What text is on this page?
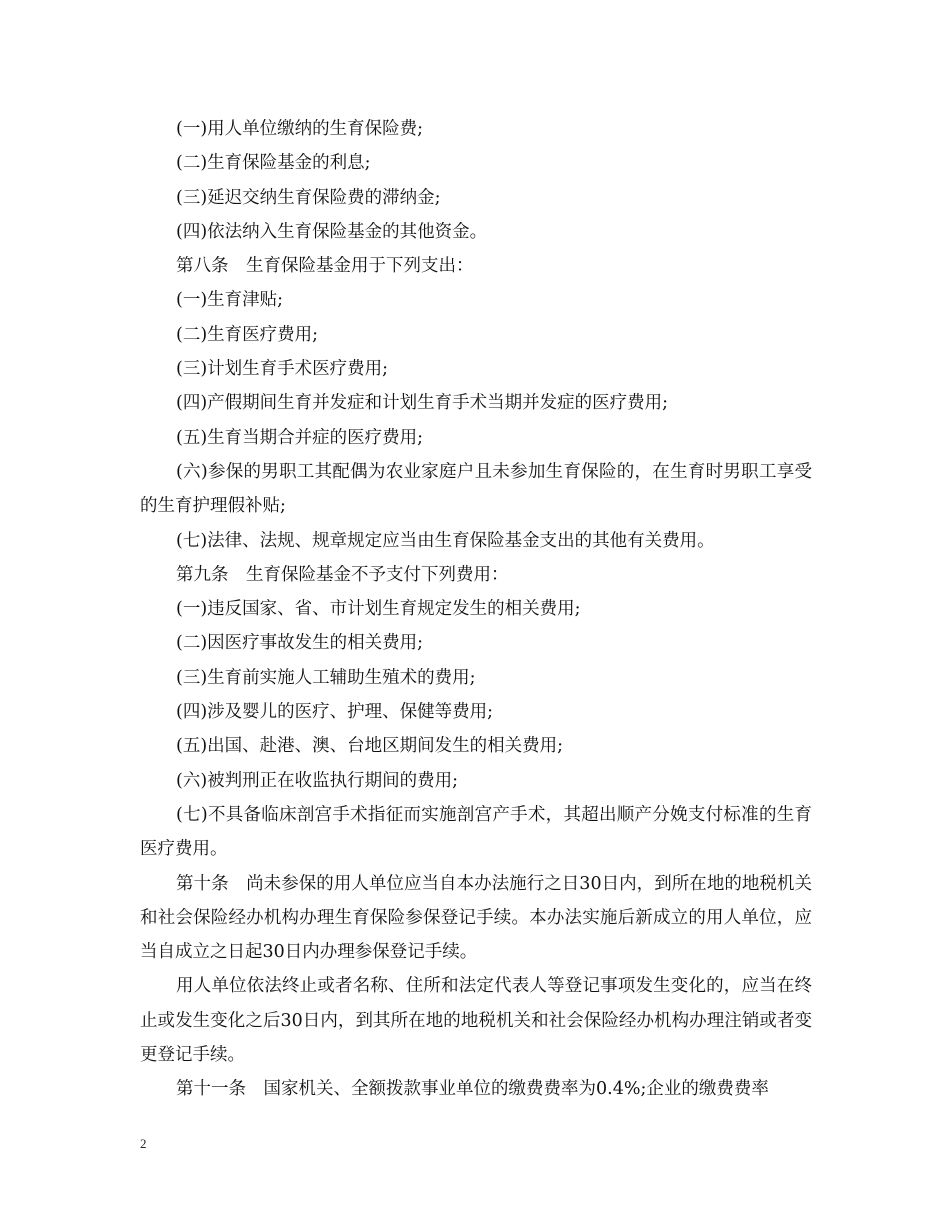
(一)用人单位缴纳的生育保险费;

(二)生育保险基金的利息;

(三)延迟交纳生育保险费的滞纳金;

(四)依法纳入生育保险基金的其他资金。

第八条　生育保险基金用于下列支出：

(一)生育津贴;

(二)生育医疗费用;

(三)计划生育手术医疗费用;

(四)产假期间生育并发症和计划生育手术当期并发症的医疗费用;

(五)生育当期合并症的医疗费用;

(六)参保的男职工其配偶为农业家庭户且未参加生育保险的，在生育时男职工享受的生育护理假补贴;

(七)法律、法规、规章规定应当由生育保险基金支出的其他有关费用。

第九条　生育保险基金不予支付下列费用：

(一)违反国家、省、市计划生育规定发生的相关费用;

(二)因医疗事故发生的相关费用;

(三)生育前实施人工辅助生殖术的费用;

(四)涉及婴儿的医疗、护理、保健等费用;

(五)出国、赴港、澳、台地区期间发生的相关费用;

(六)被判刑正在收监执行期间的费用;

(七)不具备临床剖宫手术指征而实施剖宫产手术，其超出顺产分娩支付标准的生育医疗费用。

第十条　尚未参保的用人单位应当自本办法施行之日30日内，到所在地的地税机关和社会保险经办机构办理生育保险参保登记手续。本办法实施后新成立的用人单位，应当自成立之日起30日内办理参保登记手续。

用人单位依法终止或者名称、住所和法定代表人等登记事项发生变化的，应当在终止或发生变化之后30日内，到其所在地的地税机关和社会保险经办机构办理注销或者变更登记手续。

第十一条　国家机关、全额拨款事业单位的缴费费率为0.4%;企业的缴费费率

2
